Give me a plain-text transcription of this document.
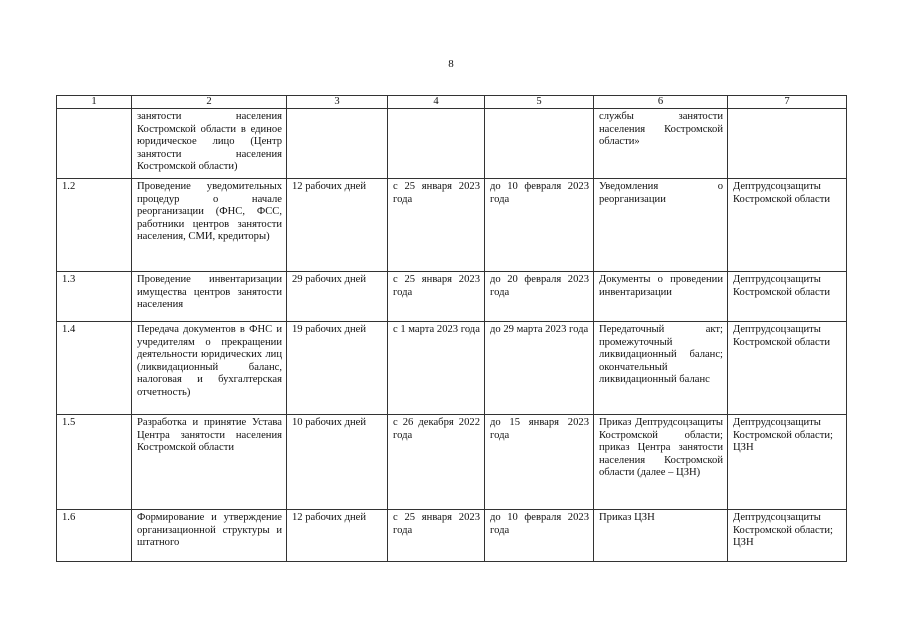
8
1	2	3	4	5	6	7
	занятости населения Костромской области в единое юридическое лицо (Центр занятости населения Костромской области)				службы занятости населения Костромской области»	
1.2	Проведение уведомительных процедур о начале реорганизации (ФНС, ФСС, работники центров занятости населения, СМИ, кредиторы)	12 рабочих дней	с 25 января 2023 года	до 10 февраля 2023 года	Уведомления о реорганизации	Дептрудсоцзащиты Костромской области
1.3	Проведение инвентаризации имущества центров занятости населения	29 рабочих дней	с 25 января 2023 года	до 20 февраля 2023 года	Документы о проведении инвентаризации	Дептрудсоцзащиты Костромской области
1.4	Передача документов в ФНС и учредителям о прекращении деятельности юридических лиц (ликвидационный баланс, налоговая и бухгалтерская отчетность)	19 рабочих дней	с 1 марта 2023 года	до 29 марта 2023 года	Передаточный акт; промежуточный ликвидационный баланс; окончательный ликвидационный баланс	Дептрудсоцзащиты Костромской области
1.5	Разработка и принятие Устава Центра занятости населения Костромской области	10 рабочих дней	с 26 декабря 2022 года	до 15 января 2023 года	Приказ Дептрудсоцзащиты Костромской области; приказ Центра занятости населения Костромской области (далее – ЦЗН)	Дептрудсоцзащиты Костромской области; ЦЗН
1.6	Формирование и утверждение организационной структуры и штатного	12 рабочих дней	с 25 января 2023 года	до 10 февраля 2023 года	Приказ ЦЗН	Дептрудсоцзащиты Костромской области; ЦЗН
